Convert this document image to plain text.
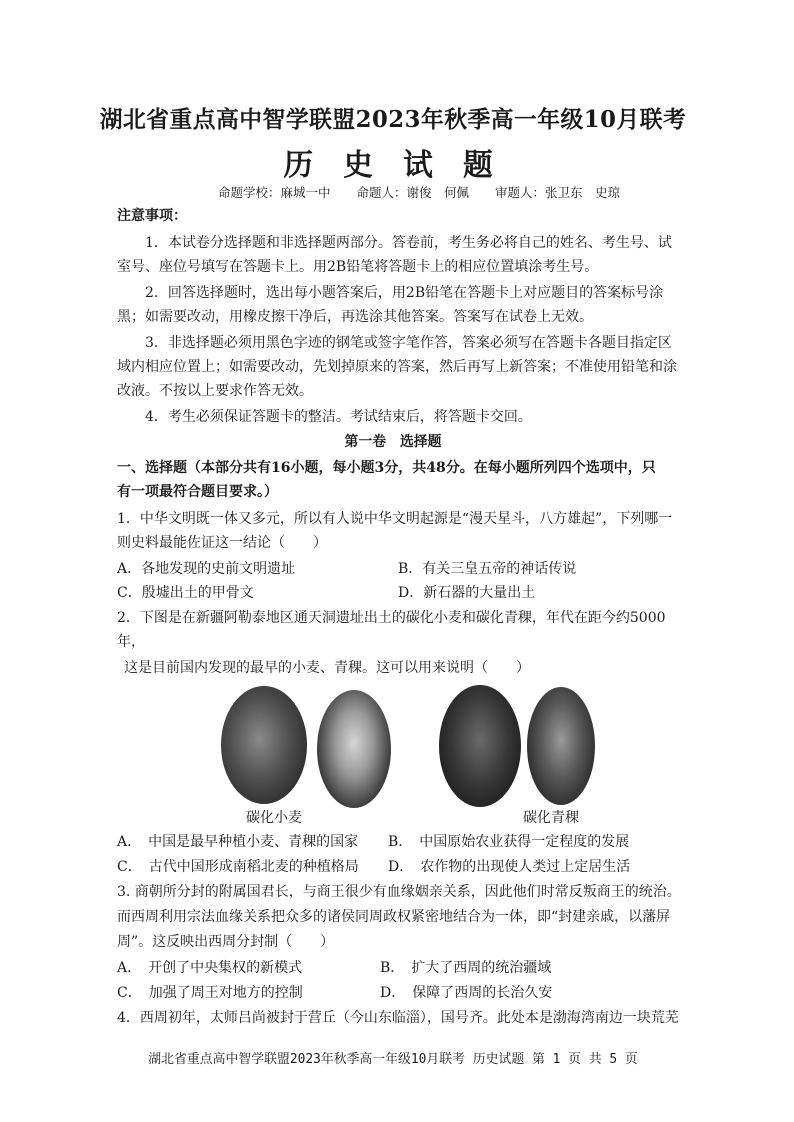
湖北省重点高中智学联盟2023年秋季高一年级10月联考
历 史 试 题
命题学校：麻城一中 命题人：谢俊　何佩 审题人：张卫东　史琼
注意事项：
1．本试卷分选择题和非选择题两部分。答卷前，考生务必将自己的姓名、考生号、试
室号、座位号填写在答题卡上。用2B铅笔将答题卡上的相应位置填涂考生号。
2．回答选择题时，选出每小题答案后，用2B铅笔在答题卡上对应题目的答案标号涂
黑；如需要改动，用橡皮擦干净后，再选涂其他答案。答案写在试卷上无效。
3．非选择题必须用黑色字迹的钢笔或签字笔作答，答案必须写在答题卡各题目指定区
域内相应位置上；如需要改动，先划掉原来的答案，然后再写上新答案；不准使用铅笔和涂
改液。不按以上要求作答无效。
4．考生必须保证答题卡的整洁。考试结束后，将答题卡交回。
第一卷　选择题
一、选择题（本部分共有16小题，每小题3分，共48分。在每小题所列四个选项中，只
有一项最符合题目要求。）
1．中华文明既一体又多元，所以有人说中华文明起源是“漫天星斗，八方雄起”，下列哪一
则史料最能佐证这一结论（　　）
A．各地发现的史前文明遗址	B．有关三皇五帝的神话传说
C．殷墟出土的甲骨文	D．新石器的大量出土
2．下图是在新疆阿勒泰地区通天洞遗址出土的碳化小麦和碳化青稞，年代在距今约5000
年，
这是目前国内发现的最早的小麦、青稞。这可以用来说明（　　）
碳化小麦	碳化青稞
A．　中国是最早种植小麦、青稞的国家 B．　中国原始农业获得一定程度的发展
C．　古代中国形成南稻北麦的种植格局 D．　农作物的出现使人类过上定居生活
3. 商朝所分封的附属国君长，与商王很少有血缘姻亲关系，因此他们时常反叛商王的统治。
而西周利用宗法血缘关系把众多的诸侯同周政权紧密地结合为一体，即“封建亲戚，以藩屏
周”。这反映出西周分封制（　　）
A．　开创了中央集权的新模式	B．　扩大了西周的统治疆域
C．　加强了周王对地方的控制	D．　保障了西周的长治久安
4．西周初年，太师吕尚被封于营丘（今山东临淄），国号齐。此处本是渤海湾南边一块荒芜
湖北省重点高中智学联盟2023年秋季高一年级10月联考 历史试题 第 1 页 共 5 页
